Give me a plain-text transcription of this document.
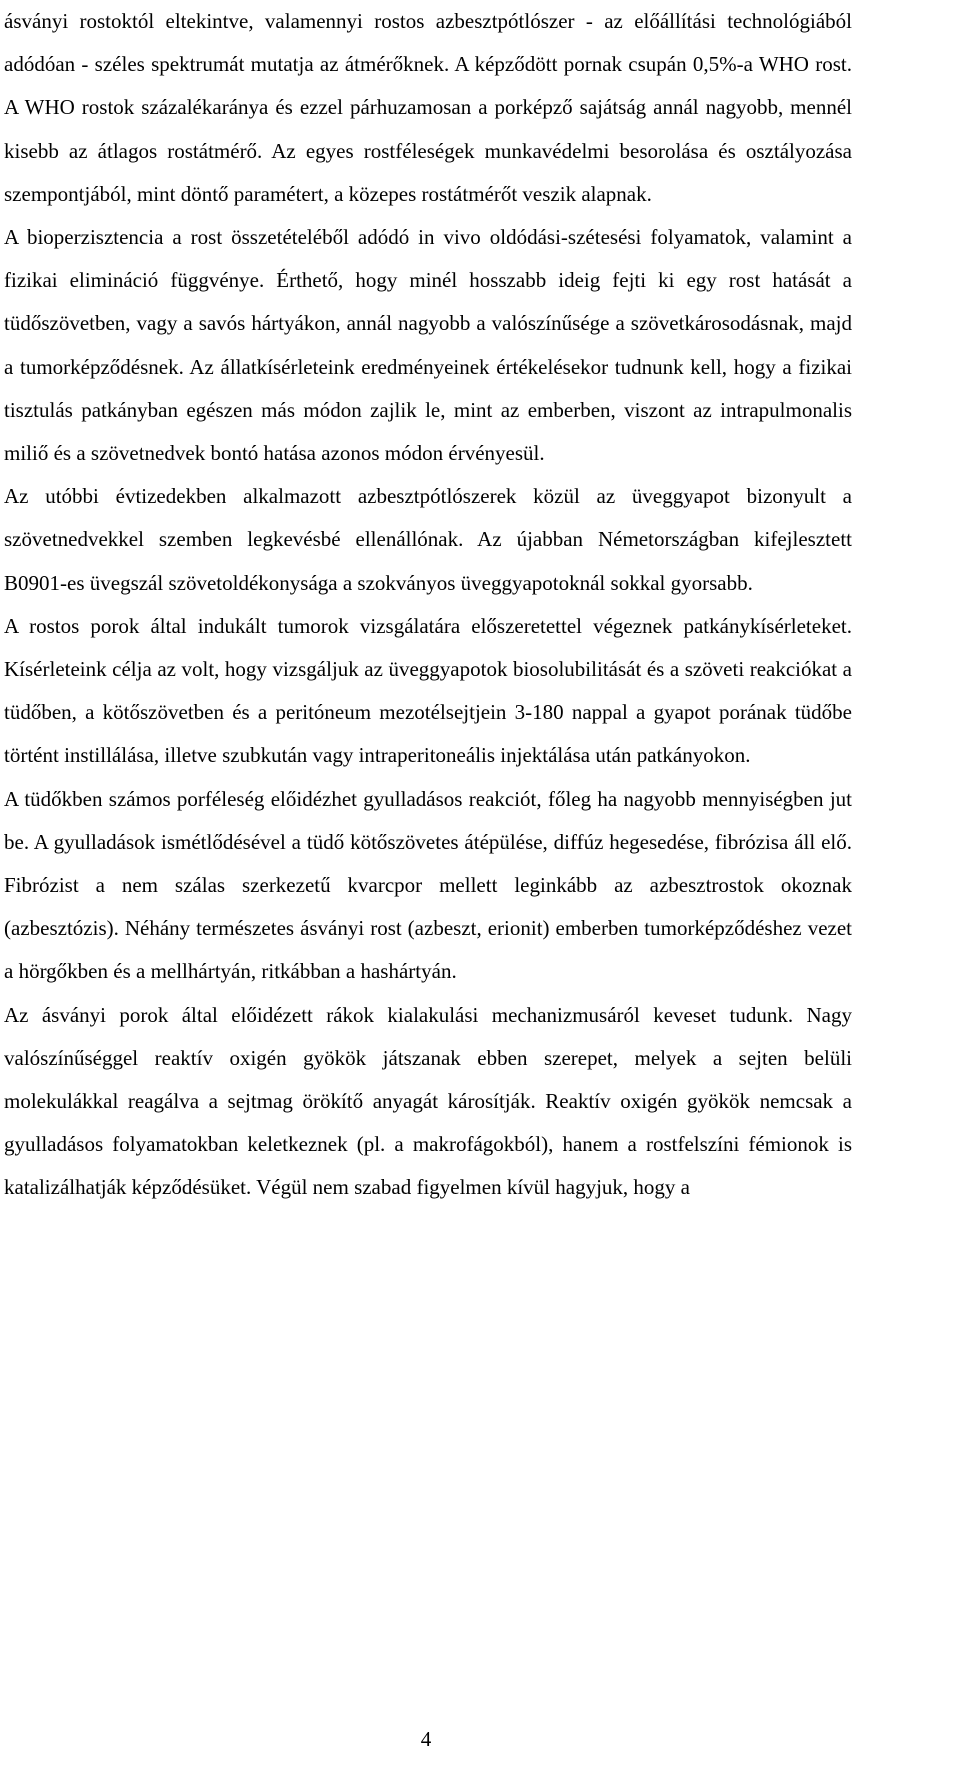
ásványi rostoktól eltekintve, valamennyi rostos azbesztpótlószer - az előállítási technológiából adódóan - széles spektrumát mutatja az átmérőknek. A képződött pornak csupán 0,5%-a WHO rost. A WHO rostok százalékaránya és ezzel párhuzamosan a porképző sajátság annál nagyobb, mennél kisebb az átlagos rostátmérő. Az egyes rostféleségek munkavédelmi besorolása és osztályozása szempontjából, mint döntő paramétert, a közepes rostátmérőt veszik alapnak.

A bioperzisztencia a rost összetételéből adódó in vivo oldódási-szétesési folyamatok, valamint a fizikai elimináció függvénye. Érthető, hogy minél hosszabb ideig fejti ki egy rost hatását a tüdőszövetben, vagy a savós hártyákon, annál nagyobb a valószínűsége a szövetkárosodásnak, majd a tumorképződésnek. Az állatkísérleteink eredményeinek értékelésekor tudnunk kell, hogy a fizikai tisztulás patkányban egészen más módon zajlik le, mint az emberben, viszont az intrapulmonalis miliő és a szövetnedvek bontó hatása azonos módon érvényesül.

Az utóbbi évtizedekben alkalmazott azbesztpótlószerek közül az üveggyapot bizonyult a szövetnedvekkel szemben legkevésbé ellenállónak. Az újabban Németországban kifejlesztett B0901-es üvegszál szövetoldékonysága a szokványos üveggyapotoknál sokkal gyorsabb.

A rostos porok által indukált tumorok vizsgálatára előszeretettel végeznek patkánykísérleteket. Kísérleteink célja az volt, hogy vizsgáljuk az üveggyapotok biosolubilitását és a szöveti reakciókat a tüdőben, a kötőszövetben és a peritóneum mezotélsejtjein 3-180 nappal a gyapot porának tüdőbe történt instillálása, illetve szubkután vagy intraperitoneális injektálása után patkányokon.

A tüdőkben számos porféleség előidézhet gyulladásos reakciót, főleg ha nagyobb mennyiségben jut be. A gyulladások ismétlődésével a tüdő kötőszövetes átépülése, diffúz hegesedése, fibrózisa áll elő. Fibrózist a nem szálas szerkezetű kvarcpor mellett leginkább az azbesztrostok okoznak (azbesztózis). Néhány természetes ásványi rost (azbeszt, erionit) emberben tumorképződéshez vezet a hörgőkben és a mellhártyán, ritkábban a hashártyán.

Az ásványi porok által előidézett rákok kialakulási mechanizmusáról keveset tudunk. Nagy valószínűséggel reaktív oxigén gyökök játszanak ebben szerepet, melyek a sejten belüli molekulákkal reagálva a sejtmag örökítő anyagát károsítják. Reaktív oxigén gyökök nemcsak a gyulladásos folyamatokban keletkeznek (pl. a makrofágokból), hanem a rostfelszíni fémionok is katalizálhatják képződésüket. Végül nem szabad figyelmen kívül hagyjuk, hogy a

4
